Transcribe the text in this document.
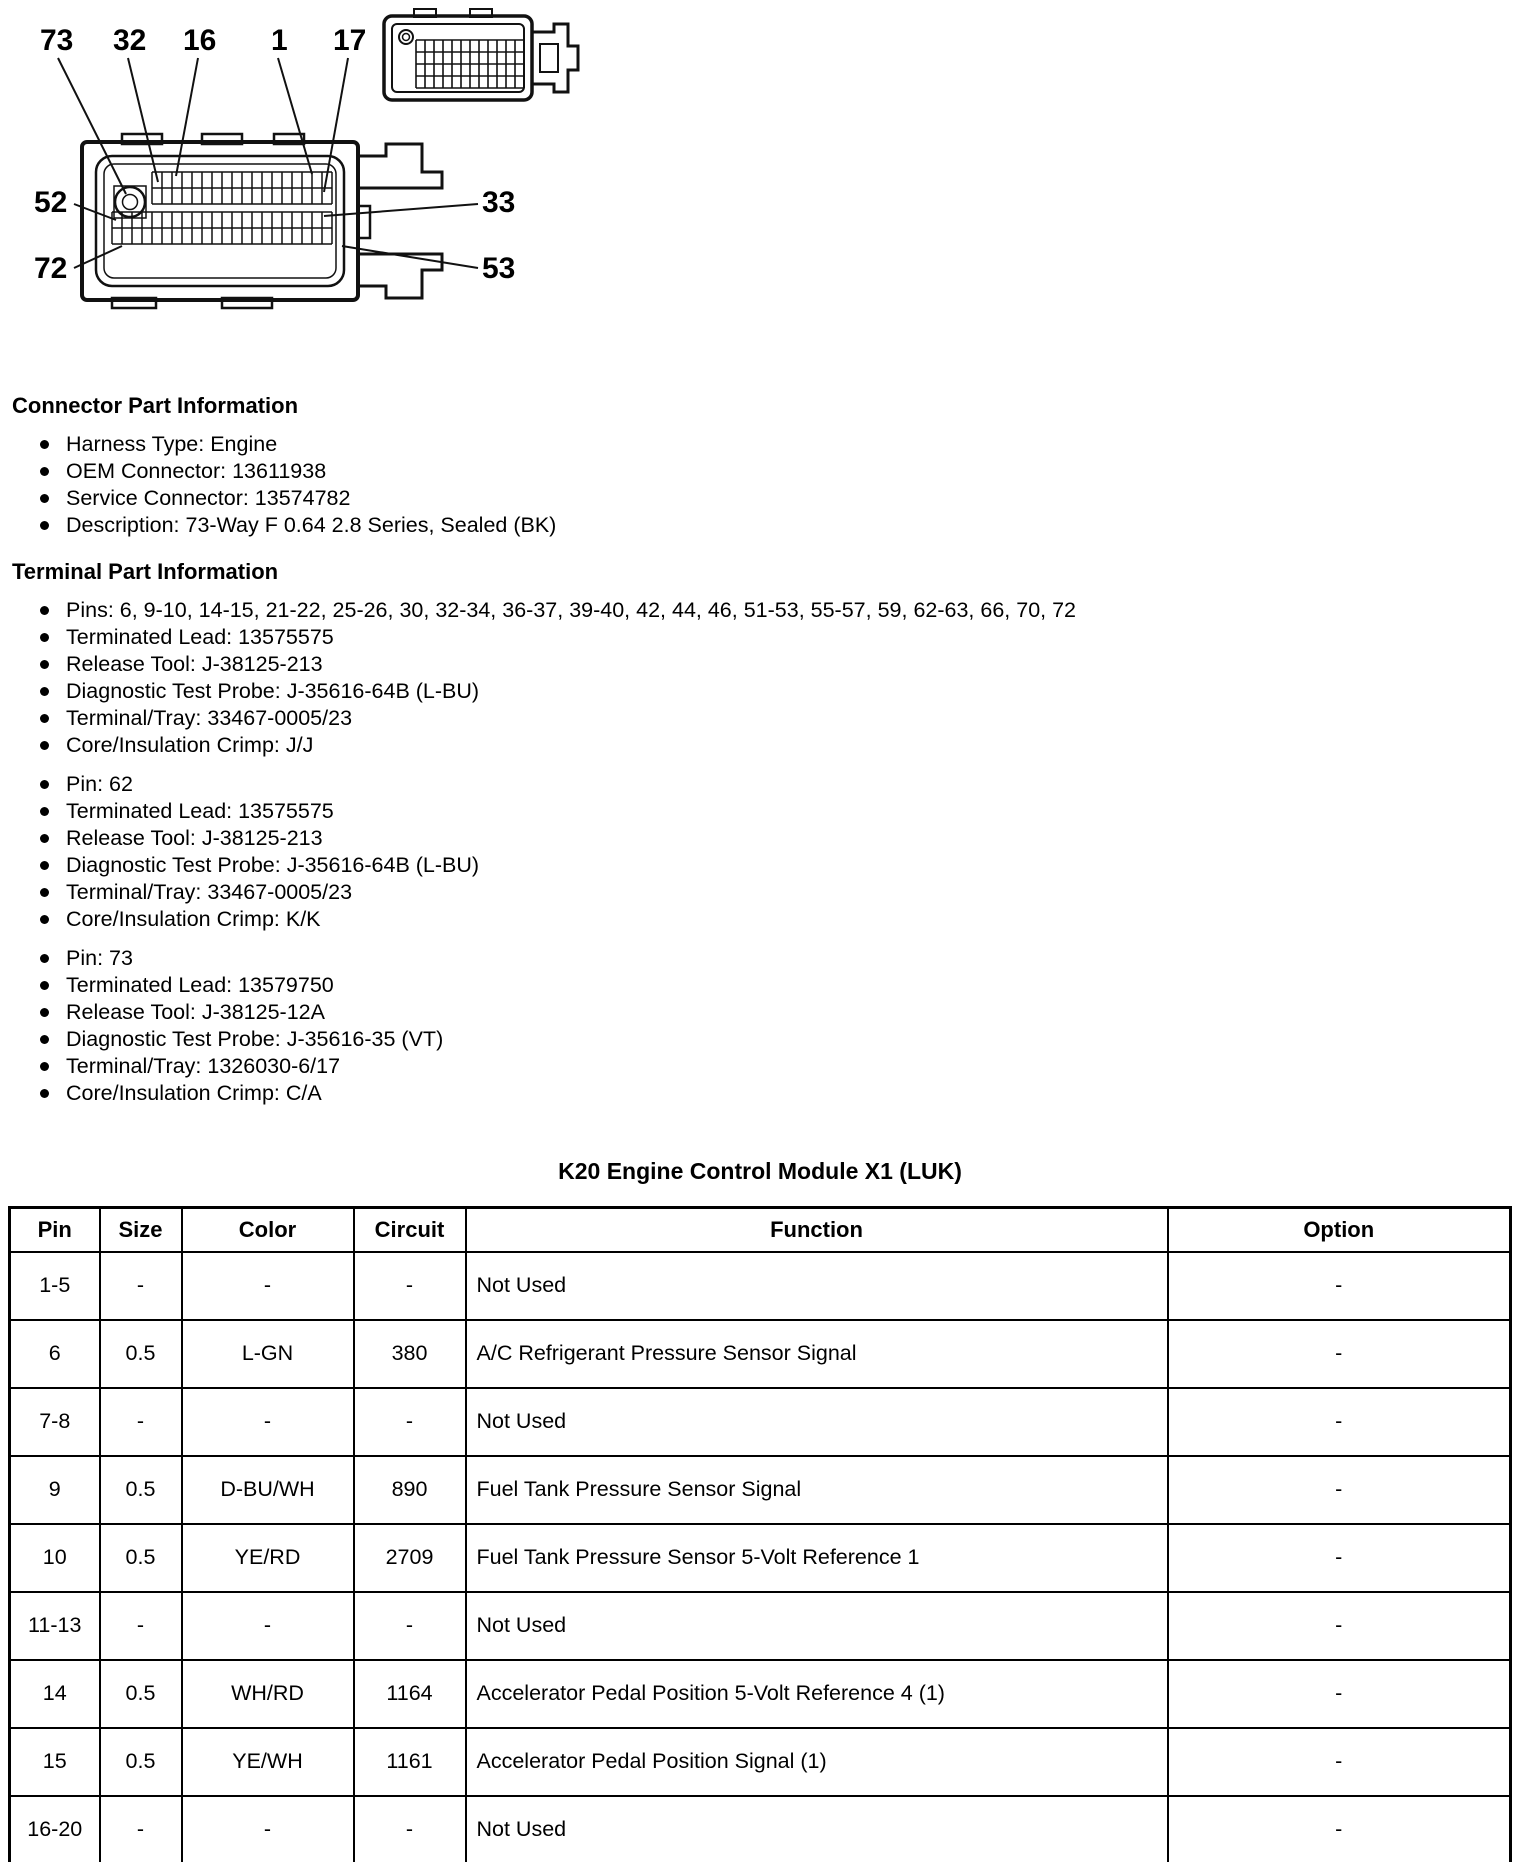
73 32 16 1 17
52
72
33
53
Connector Part Information
Harness Type: Engine
OEM Connector: 13611938
Service Connector: 13574782
Description: 73-Way F 0.64 2.8 Series, Sealed (BK)
Terminal Part Information
Pins: 6, 9-10, 14-15, 21-22, 25-26, 30, 32-34, 36-37, 39-40, 42, 44, 46, 51-53, 55-57, 59, 62-63, 66, 70, 72
Terminated Lead: 13575575
Release Tool: J-38125-213
Diagnostic Test Probe: J-35616-64B (L-BU)
Terminal/Tray: 33467-0005/23
Core/Insulation Crimp: J/J
Pin: 62
Terminated Lead: 13575575
Release Tool: J-38125-213
Diagnostic Test Probe: J-35616-64B (L-BU)
Terminal/Tray: 33467-0005/23
Core/Insulation Crimp: K/K
Pin: 73
Terminated Lead: 13579750
Release Tool: J-38125-12A
Diagnostic Test Probe: J-35616-35 (VT)
Terminal/Tray: 1326030-6/17
Core/Insulation Crimp: C/A
K20 Engine Control Module X1 (LUK)
Pin	Size	Color	Circuit	Function	Option
1-5	-	-	-	Not Used	-
6	0.5	L-GN	380	A/C Refrigerant Pressure Sensor Signal	-
7-8	-	-	-	Not Used	-
9	0.5	D-BU/WH	890	Fuel Tank Pressure Sensor Signal	-
10	0.5	YE/RD	2709	Fuel Tank Pressure Sensor 5-Volt Reference 1	-
11-13	-	-	-	Not Used	-
14	0.5	WH/RD	1164	Accelerator Pedal Position 5-Volt Reference 4 (1)	-
15	0.5	YE/WH	1161	Accelerator Pedal Position Signal (1)	-
16-20	-	-	-	Not Used	-
